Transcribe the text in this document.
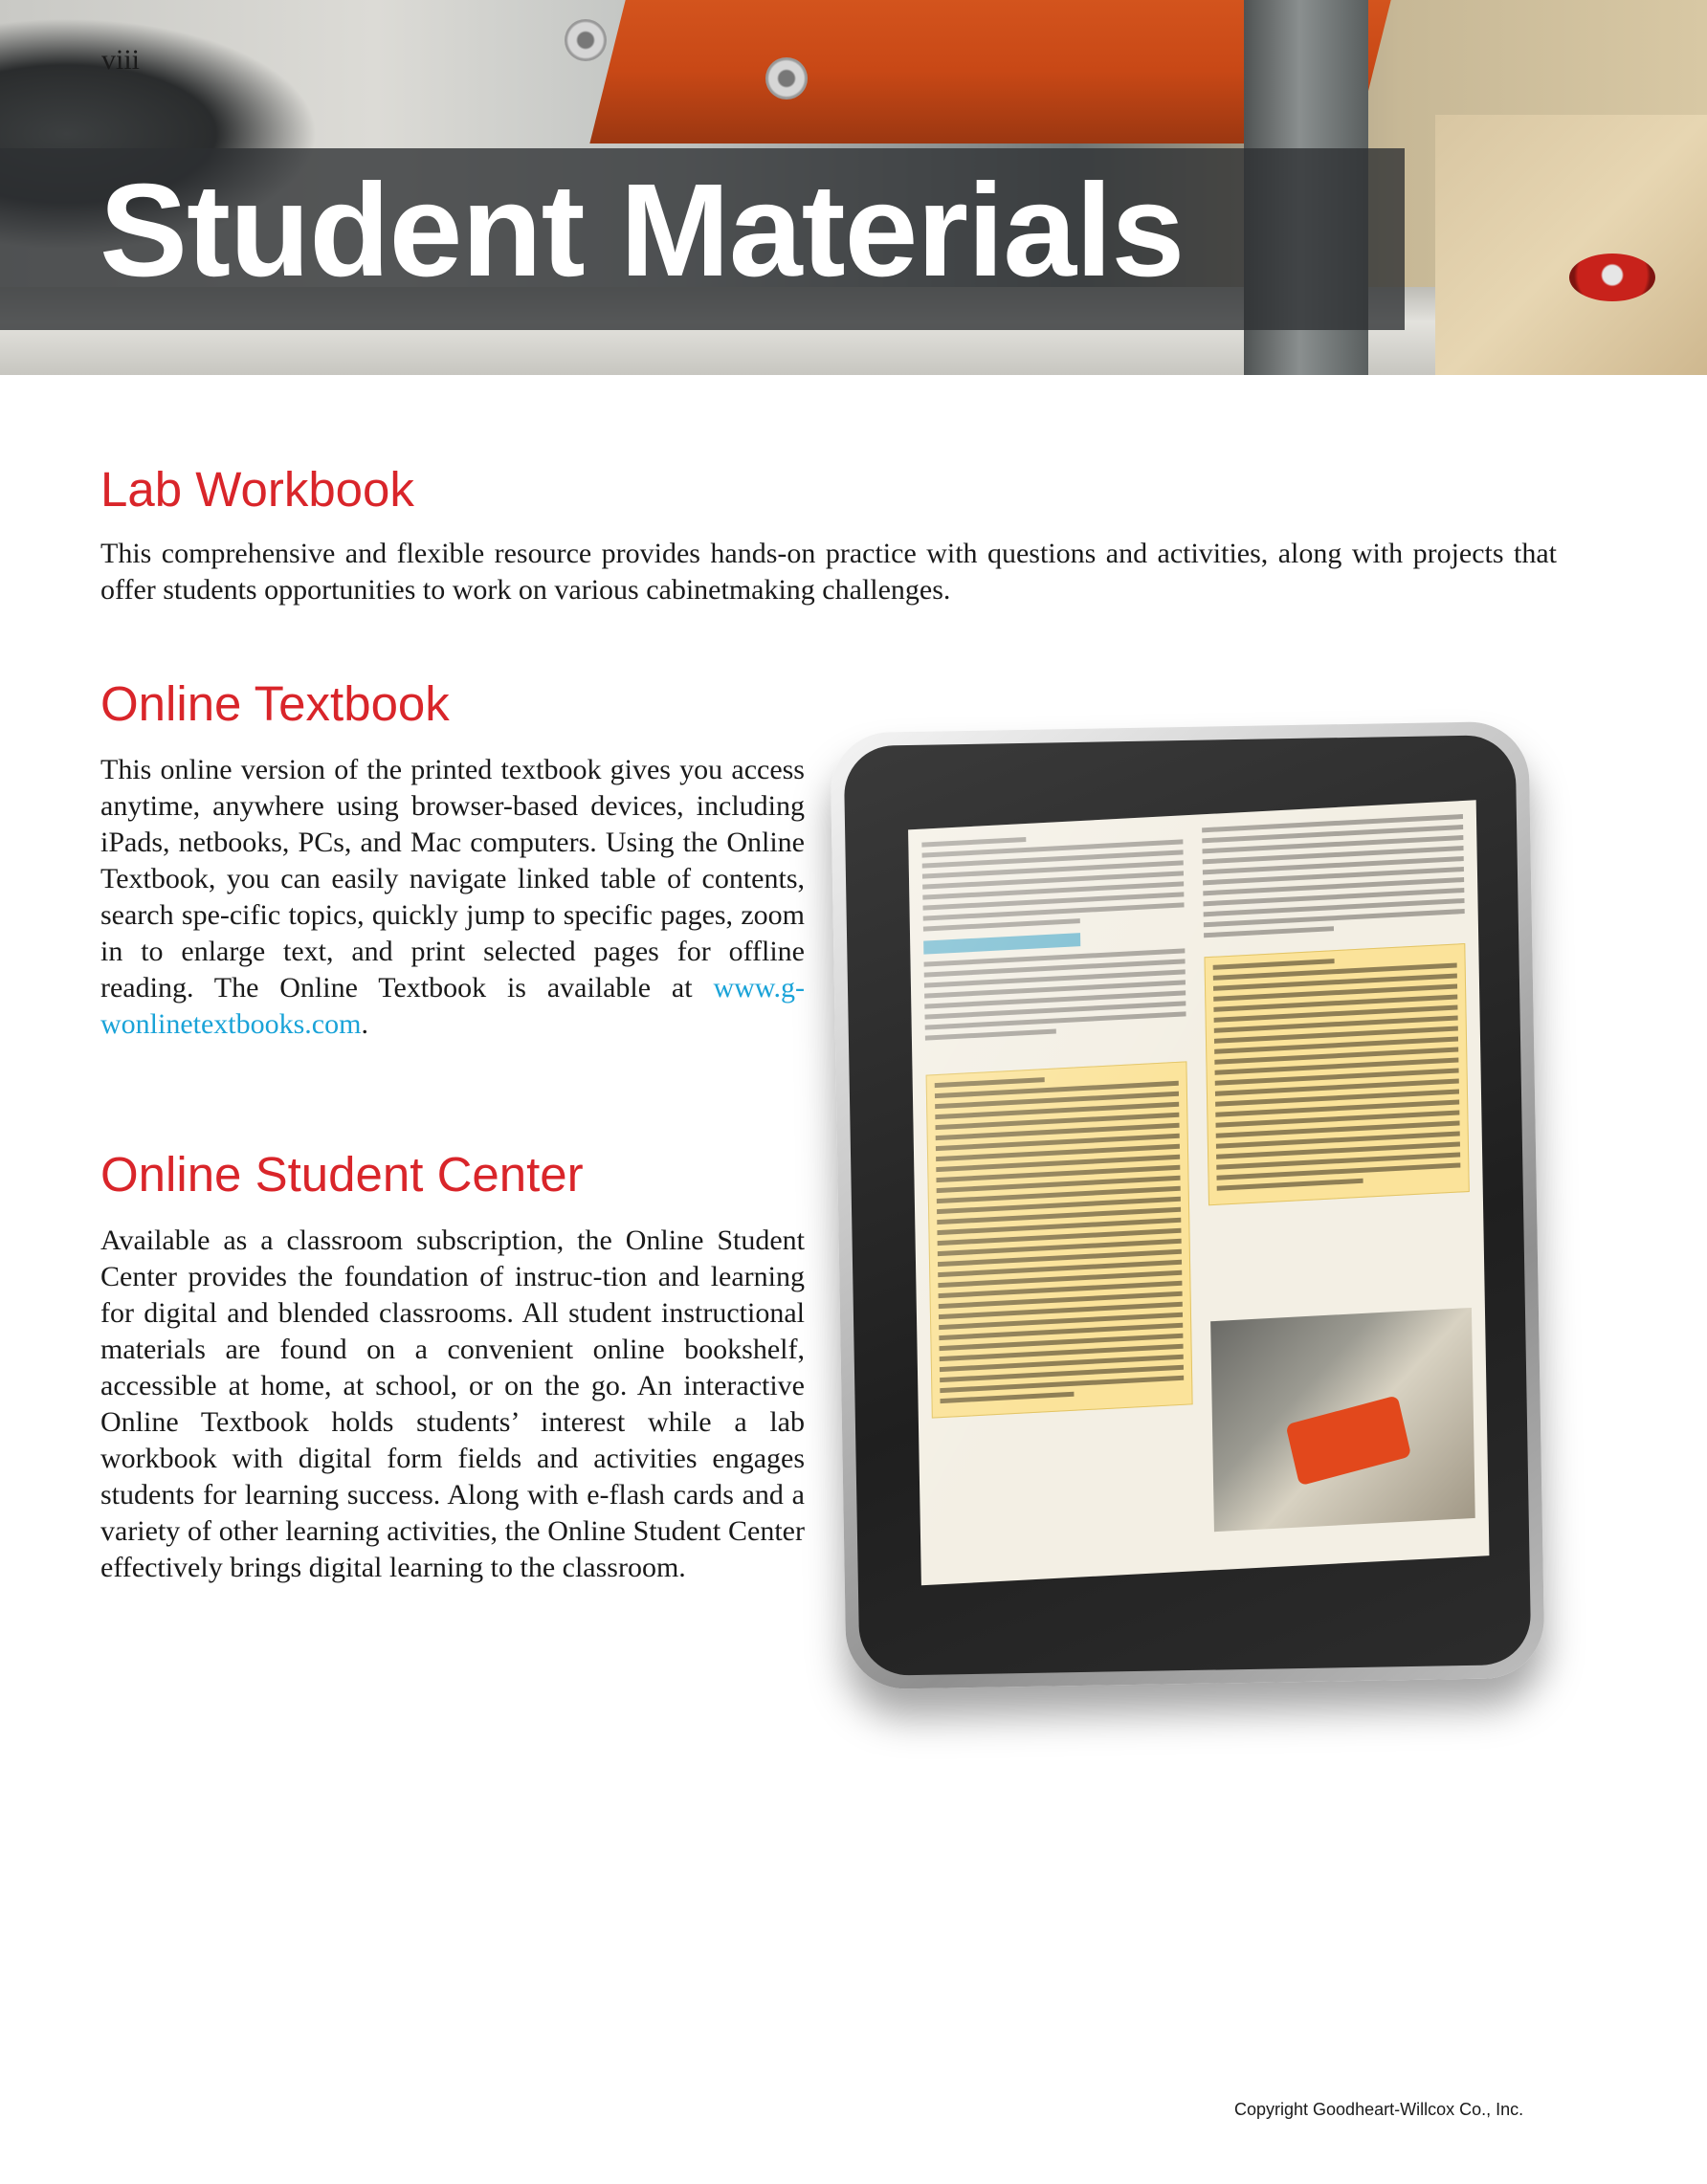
viii
Student Materials
Lab Workbook

This comprehensive and flexible resource provides hands-on practice with questions and activities, along with projects that offer students opportunities to work on various cabinetmaking challenges.

Online Textbook

This online version of the printed textbook gives you access anytime, anywhere using browser-based devices, including iPads, netbooks, PCs, and Mac computers. Using the Online Textbook, you can easily navigate linked table of contents, search spe-cific topics, quickly jump to specific pages, zoom in to enlarge text, and print selected pages for offline reading. The Online Textbook is available at www.g-wonlinetextbooks.com.

Online Student Center

Available as a classroom subscription, the Online Student Center provides the foundation of instruc-tion and learning for digital and blended classrooms. All student instructional materials are found on a convenient online bookshelf, accessible at home, at school, or on the go. An interactive Online Textbook holds students’ interest while a lab workbook with digital form fields and activities engages students for learning success. Along with e-flash cards and a variety of other learning activities, the Online Student Center effectively brings digital learning to the classroom.

Copyright Goodheart-Willcox Co., Inc.
